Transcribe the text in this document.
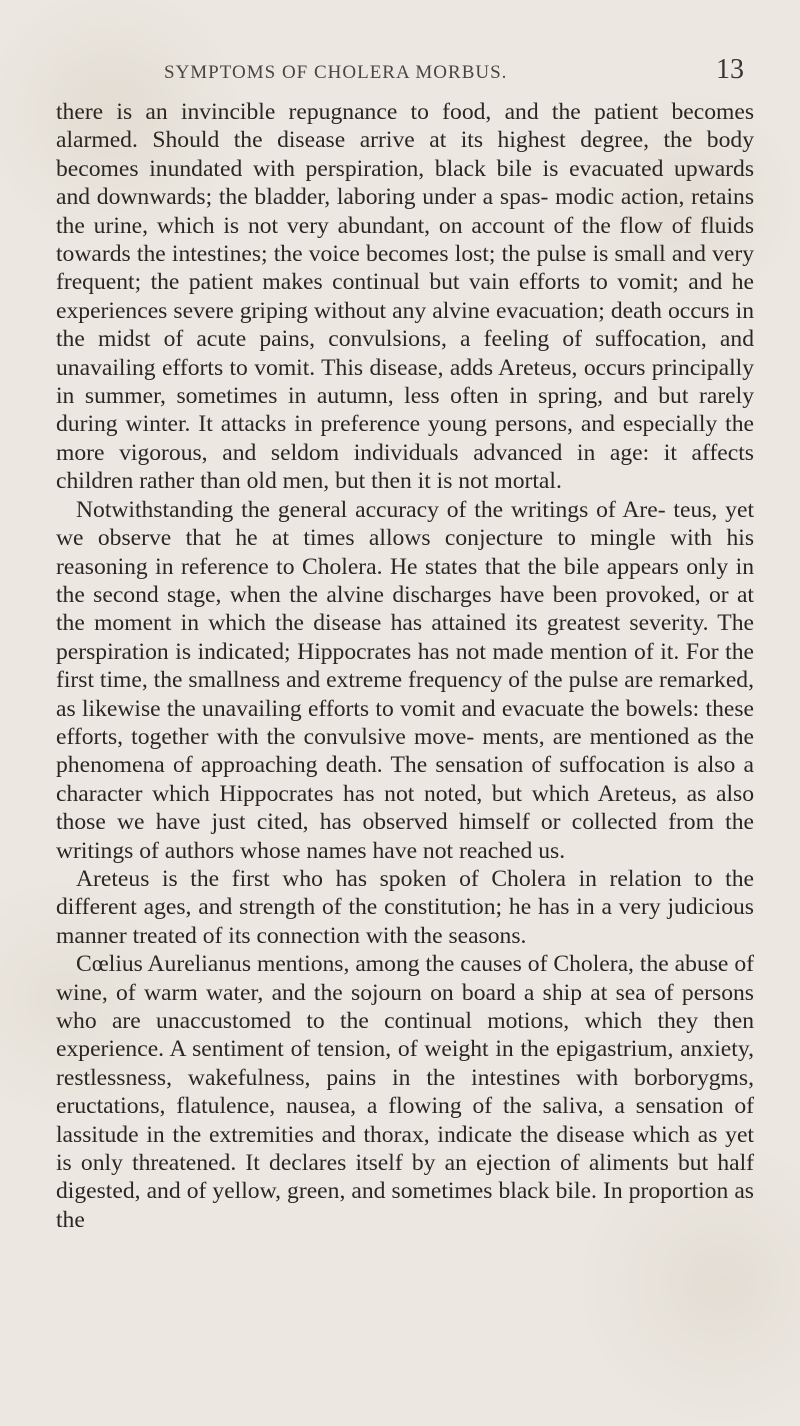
SYMPTOMS OF CHOLERA MORBUS.	13

there is an invincible repugnance to food, and the patient becomes alarmed. Should the disease arrive at its highest degree, the body becomes inundated with perspiration, black bile is evacuated upwards and downwards; the bladder, laboring under a spas- modic action, retains the urine, which is not very abundant, on account of the flow of fluids towards the intestines; the voice becomes lost; the pulse is small and very frequent; the patient makes continual but vain efforts to vomit; and he experiences severe griping without any alvine evacuation; death occurs in the midst of acute pains, convulsions, a feeling of suffocation, and unavailing efforts to vomit. This disease, adds Areteus, occurs principally in summer, sometimes in autumn, less often in spring, and but rarely during winter. It attacks in preference young persons, and especially the more vigorous, and seldom individuals advanced in age: it affects children rather than old men, but then it is not mortal.

Notwithstanding the general accuracy of the writings of Are- teus, yet we observe that he at times allows conjecture to mingle with his reasoning in reference to Cholera. He states that the bile appears only in the second stage, when the alvine discharges have been provoked, or at the moment in which the disease has attained its greatest severity. The perspiration is indicated; Hippocrates has not made mention of it. For the first time, the smallness and extreme frequency of the pulse are remarked, as likewise the unavailing efforts to vomit and evacuate the bowels: these efforts, together with the convulsive move- ments, are mentioned as the phenomena of approaching death. The sensation of suffocation is also a character which Hippocrates has not noted, but which Areteus, as also those we have just cited, has observed himself or collected from the writings of authors whose names have not reached us.

Areteus is the first who has spoken of Cholera in relation to the different ages, and strength of the constitution; he has in a very judicious manner treated of its connection with the seasons.

Cœlius Aurelianus mentions, among the causes of Cholera, the abuse of wine, of warm water, and the sojourn on board a ship at sea of persons who are unaccustomed to the continual motions, which they then experience. A sentiment of tension, of weight in the epigastrium, anxiety, restlessness, wakefulness, pains in the intestines with borborygms, eructations, flatulence, nausea, a flowing of the saliva, a sensation of lassitude in the extremities and thorax, indicate the disease which as yet is only threatened. It declares itself by an ejection of aliments but half digested, and of yellow, green, and sometimes black bile. In proportion as the
